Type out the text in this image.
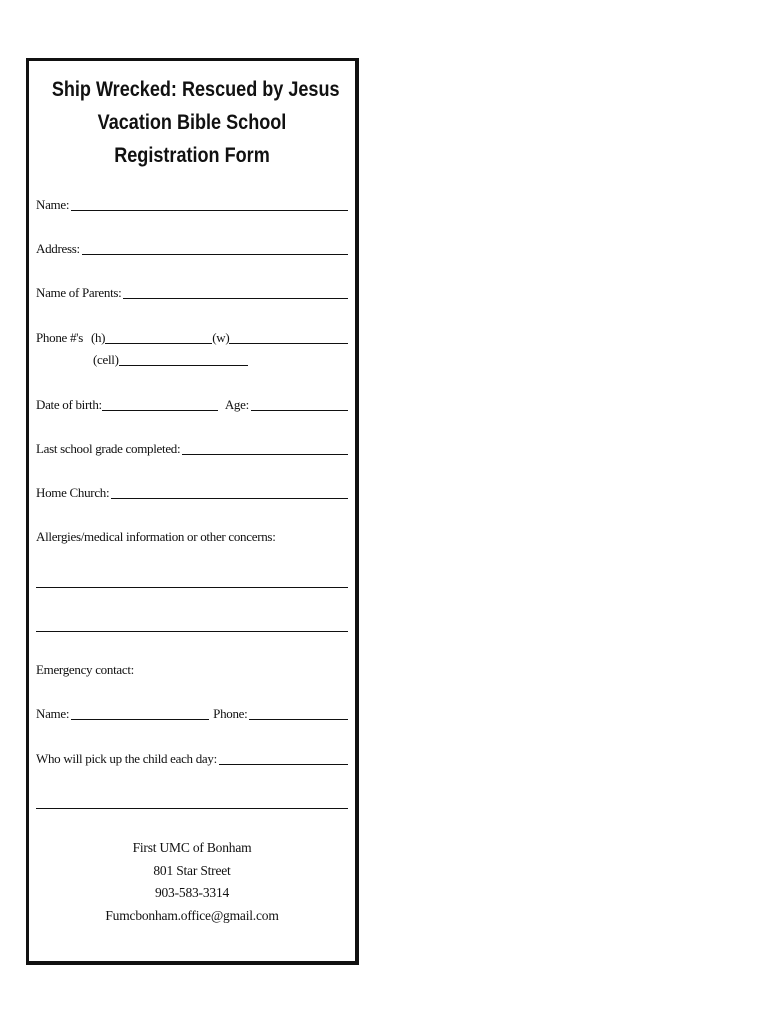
Ship Wrecked: Rescued by Jesus
Vacation Bible School
Registration Form
Name:
Address:
Name of Parents:
Phone #'s (h)	(w)
(cell)
Date of birth:	Age:
Last school grade completed:
Home Church:
Allergies/medical information or other concerns:
Emergency contact:
Name:	Phone:
Who will pick up the child each day:
First UMC of Bonham
801 Star Street
903-583-3314
Fumcbonham.office@gmail.com
